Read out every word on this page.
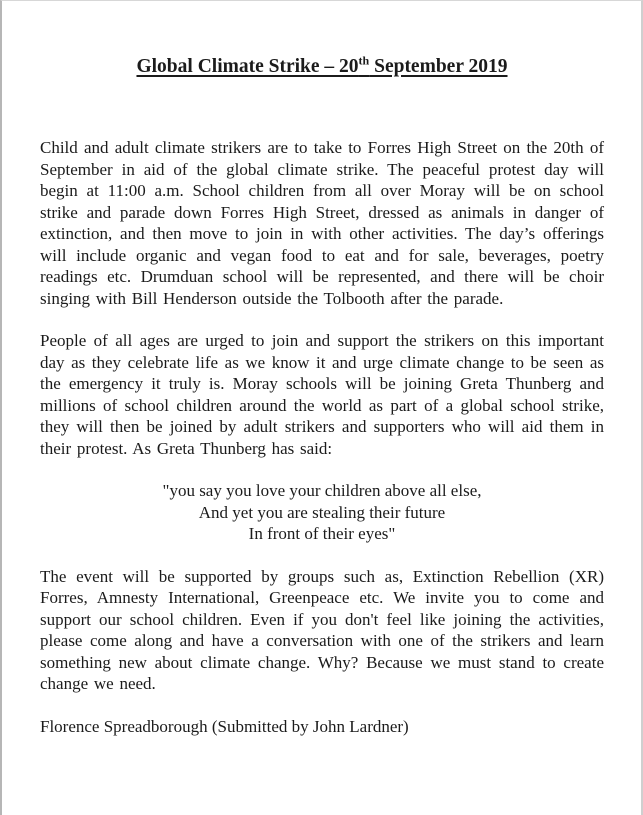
Global Climate Strike – 20th September 2019

Child and adult climate strikers are to take to Forres High Street on the 20th of September in aid of the global climate strike. The peaceful protest day will begin at 11:00 a.m. School children from all over Moray will be on school strike and parade down Forres High Street, dressed as animals in danger of extinction, and then move to join in with other activities. The day’s offerings will include organic and vegan food to eat and for sale, beverages, poetry readings etc. Drumduan school will be represented, and there will be choir singing with Bill Henderson outside the Tolbooth after the parade.

People of all ages are urged to join and support the strikers on this important day as they celebrate life as we know it and urge climate change to be seen as the emergency it truly is. Moray schools will be joining Greta Thunberg and millions of school children around the world as part of a global school strike, they will then be joined by adult strikers and supporters who will aid them in their protest. As Greta Thunberg has said:

"you say you love your children above all else,
And yet you are stealing their future
In front of their eyes"

The event will be supported by groups such as, Extinction Rebellion (XR) Forres, Amnesty International, Greenpeace etc. We invite you to come and support our school children. Even if you don't feel like joining the activities, please come along and have a conversation with one of the strikers and learn something new about climate change. Why? Because we must stand to create change we need.

Florence Spreadborough (Submitted by John Lardner)
